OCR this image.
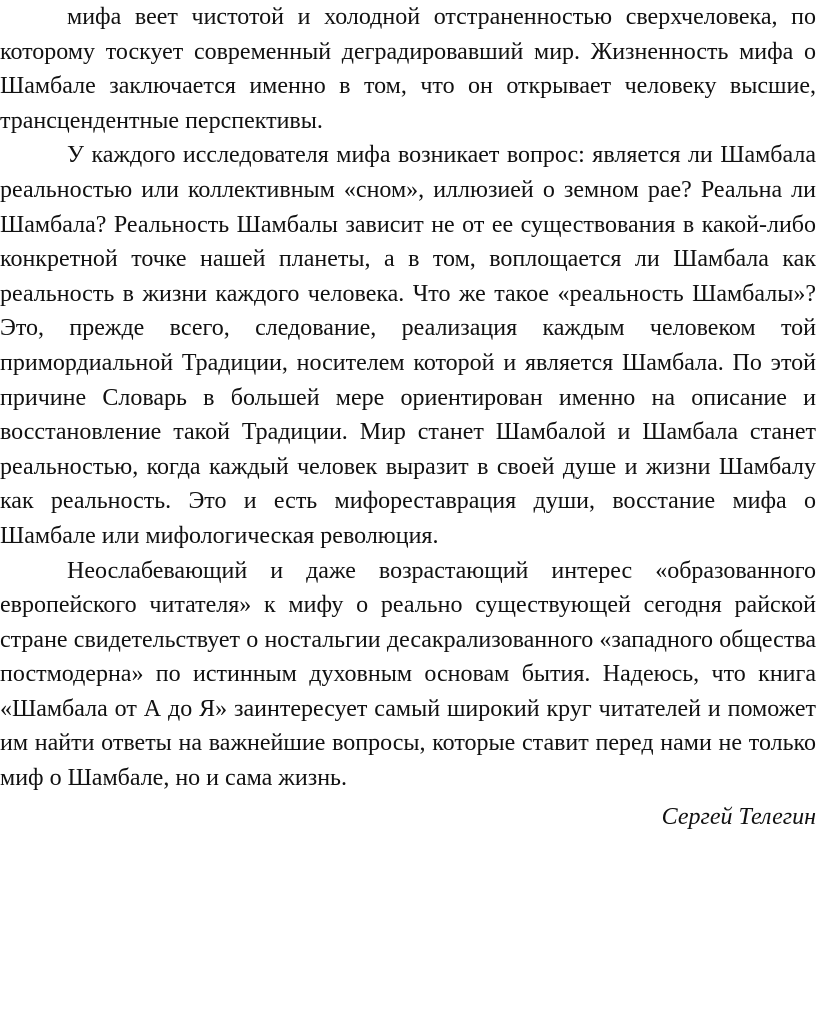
мифа веет чистотой и холодной отстраненностью сверхчеловека, по которому тоскует современный деградировавший мир. Жизненность мифа о Шамбале заключается именно в том, что он открывает человеку высшие, трансцендентные перспективы.

У каждого исследователя мифа возникает вопрос: является ли Шамбала реальностью или коллективным «сном», иллюзией о земном рае? Реальна ли Шамбала? Реальность Шамбалы зависит не от ее существования в какой-либо конкретной точке нашей планеты, а в том, воплощается ли Шамбала как реальность в жизни каждого человека. Что же такое «реальность Шамбалы»? Это, прежде всего, следование, реализация каждым человеком той примордиальной Традиции, носителем которой и является Шамбала. По этой причине Словарь в большей мере ориентирован именно на описание и восстановление такой Традиции. Мир станет Шамбалой и Шамбала станет реальностью, когда каждый человек выразит в своей душе и жизни Шамбалу как реальность. Это и есть мифореставрация души, восстание мифа о Шамбале или мифологическая революция.

Неослабевающий и даже возрастающий интерес «образованного европейского читателя» к мифу о реально существующей сегодня райской стране свидетельствует о ностальгии десакрализованного «западного общества постмодерна» по истинным духовным основам бытия. Надеюсь, что книга «Шамбала от А до Я» заинтересует самый широкий круг читателей и поможет им найти ответы на важнейшие вопросы, которые ставит перед нами не только миф о Шамбале, но и сама жизнь.

Сергей Телегин
